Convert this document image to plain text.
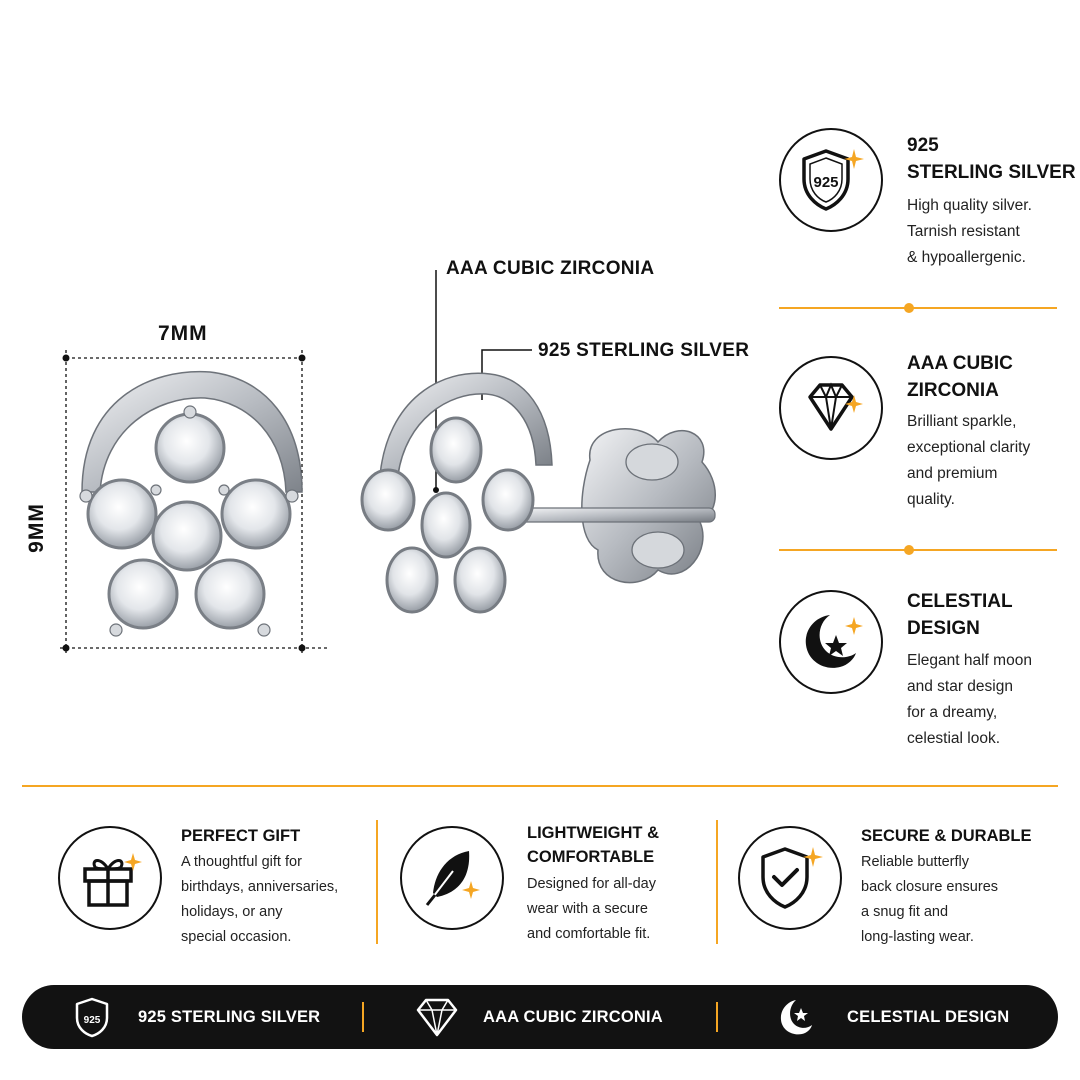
7MM
9MM
AAA CUBIC ZIRCONIA
925 STERLING SILVER
925
925
STERLING SILVER
High quality silver.
Tarnish resistant
& hypoallergenic.
AAA CUBIC
ZIRCONIA
Brilliant sparkle,
exceptional clarity
and premium
quality.
CELESTIAL
DESIGN
Elegant half moon
and star design
for a dreamy,
celestial look.
PERFECT GIFT
A thoughtful gift for
birthdays, anniversaries,
holidays, or any
special occasion.
LIGHTWEIGHT &
COMFORTABLE
Designed for all-day
wear with a secure
and comfortable fit.
SECURE & DURABLE
Reliable butterfly
back closure ensures
a snug fit and
long-lasting wear.
925 925 STERLING SILVER	AAA CUBIC ZIRCONIA	CELESTIAL DESIGN
